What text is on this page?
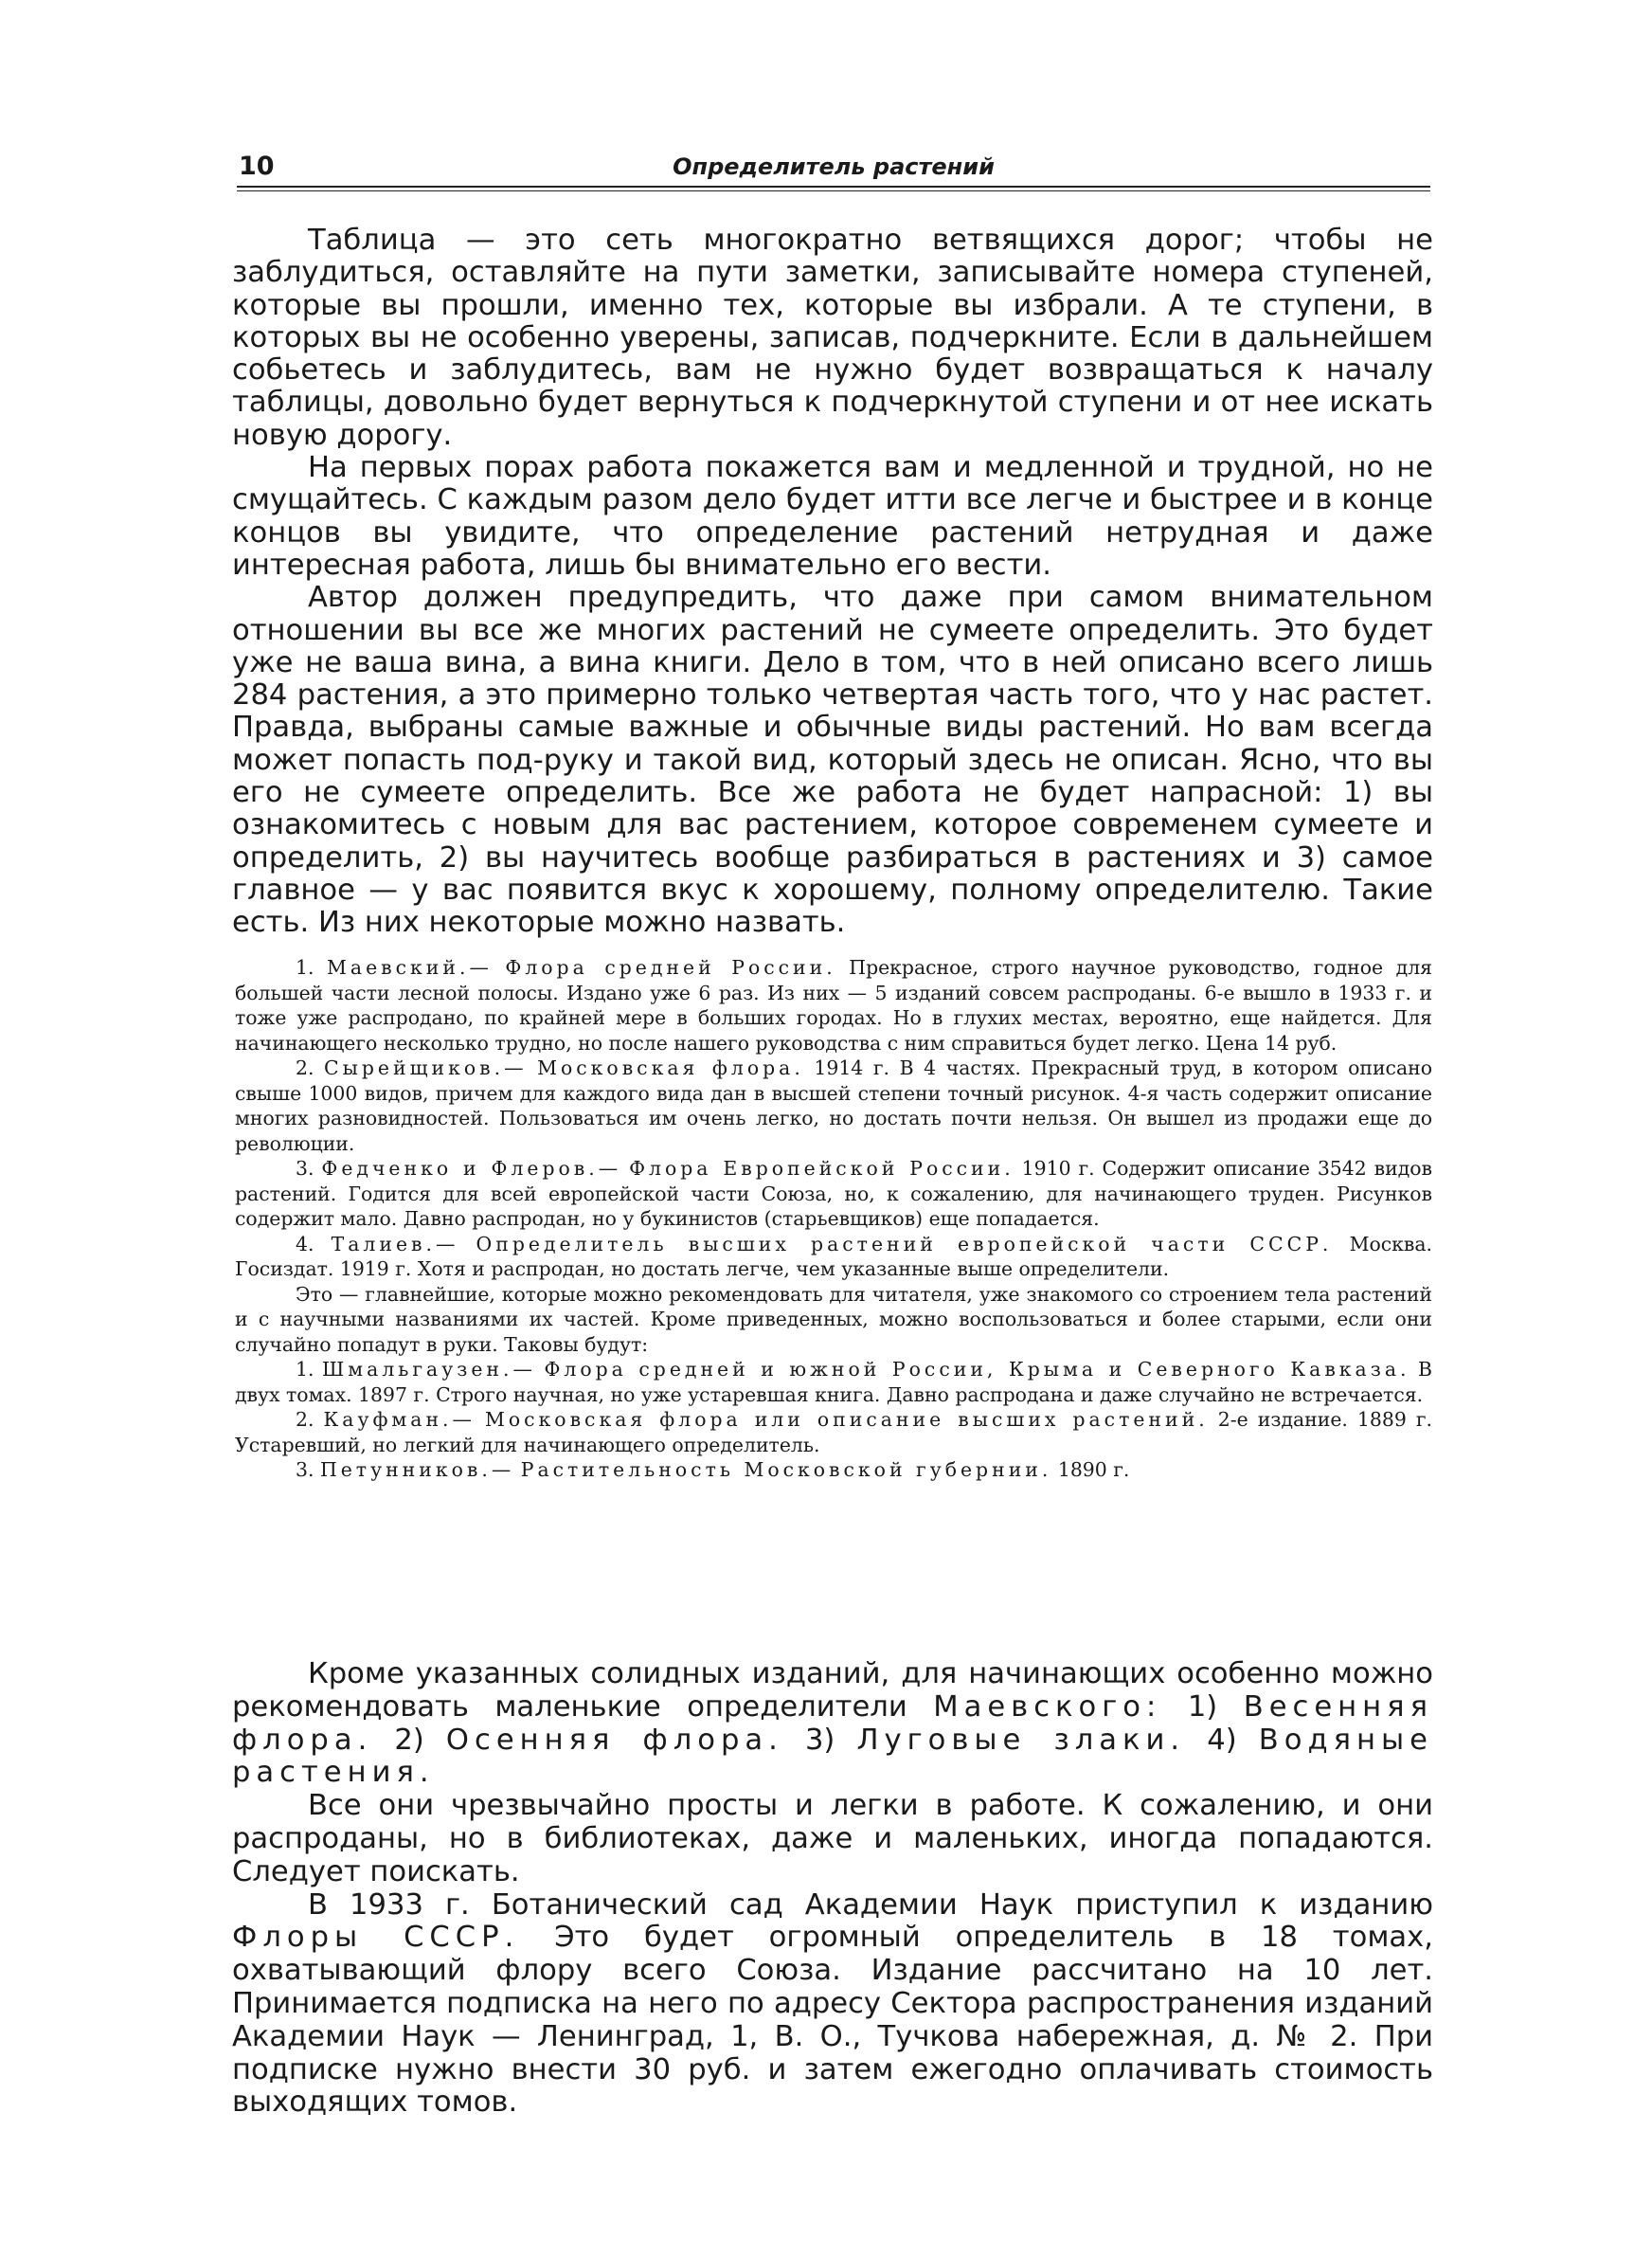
10	Определитель растений

Таблица — это сеть многократно ветвящихся дорог; чтобы не заблудиться, оставляйте на пути заметки, записывайте номера ступеней, которые вы прошли, именно тех, которые вы избрали. А те ступени, в которых вы не особенно уверены, записав, подчеркните. Если в дальнейшем собьетесь и заблудитесь, вам не нужно будет возвращаться к началу таблицы, довольно будет вернуться к подчеркнутой ступени и от нее искать новую дорогу.

На первых порах работа покажется вам и медленной и трудной, но не смущайтесь. С каждым разом дело будет итти все легче и быстрее и в конце концов вы увидите, что определение растений нетрудная и даже интересная работа, лишь бы внимательно его вести.

Автор должен предупредить, что даже при самом внимательном отношении вы все же многих растений не сумеете определить. Это будет уже не ваша вина, а вина книги. Дело в том, что в ней описано всего лишь 284 растения, а это примерно только четвертая часть того, что у нас растет. Правда, выбраны самые важные и обычные виды растений. Но вам всегда может попасть под-руку и такой вид, который здесь не описан. Ясно, что вы его не сумеете определить. Все же работа не будет напрасной: 1) вы ознакомитесь с новым для вас растением, которое современем сумеете и определить, 2) вы научитесь вообще разбираться в растениях и 3) самое главное — у вас появится вкус к хорошему, полному определителю. Такие есть. Из них некоторые можно назвать.

1. Маевский.— Флора средней России. Прекрасное, строго научное руководство, годное для большей части лесной полосы. Издано уже 6 раз. Из них — 5 изданий совсем распроданы. 6-е вышло в 1933 г. и тоже уже распродано, по крайней мере в больших городах. Но в глухих местах, вероятно, еще найдется. Для начинающего несколько трудно, но после нашего руководства с ним справиться будет легко. Цена 14 руб.

2. Сырейщиков.— Московская флора. 1914 г. В 4 частях. Прекрасный труд, в котором описано свыше 1000 видов, причем для каждого вида дан в высшей степени точный рисунок. 4-я часть содержит описание многих разновидностей. Пользоваться им очень легко, но достать почти нельзя. Он вышел из продажи еще до революции.

3. Федченко и Флеров.— Флора Европейской России. 1910 г. Содержит описание 3542 видов растений. Годится для всей европейской части Союза, но, к сожалению, для начинающего труден. Рисунков содержит мало. Давно распродан, но у букинистов (старьевщиков) еще попадается.

4. Талиев.— Определитель высших растений европейской части СССР. Москва. Госиздат. 1919 г. Хотя и распродан, но достать легче, чем указанные выше определители.

Это — главнейшие, которые можно рекомендовать для читателя, уже знакомого со строением тела растений и с научными названиями их частей. Кроме приведенных, можно воспользоваться и более старыми, если они случайно попадут в руки. Таковы будут:

1. Шмальгаузен.— Флора средней и южной России, Крыма и Северного Кавказа. В двух томах. 1897 г. Строго научная, но уже устаревшая книга. Давно распродана и даже случайно не встречается.

2. Кауфман.— Московская флора или описание высших растений. 2-е издание. 1889 г. Устаревший, но легкий для начинающего определитель.

3. Петунников.— Растительность Московской губернии. 1890 г.

Кроме указанных солидных изданий, для начинающих особенно можно рекомендовать маленькие определители Маевского: 1) Весенняя флора. 2) Осенняя флора. 3) Луговые злаки. 4) Водяные растения.

Все они чрезвычайно просты и легки в работе. К сожалению, и они распроданы, но в библиотеках, даже и маленьких, иногда попадаются. Следует поискать.

В 1933 г. Ботанический сад Академии Наук приступил к изданию Флоры СССР. Это будет огромный определитель в 18 томах, охватывающий флору всего Союза. Издание рассчитано на 10 лет. Принимается подписка на него по адресу Сектора распространения изданий Академии Наук — Ленинград, 1, В. О., Тучкова набережная, д. № 2. При подписке нужно внести 30 руб. и затем ежегодно оплачивать стоимость выходящих томов.
